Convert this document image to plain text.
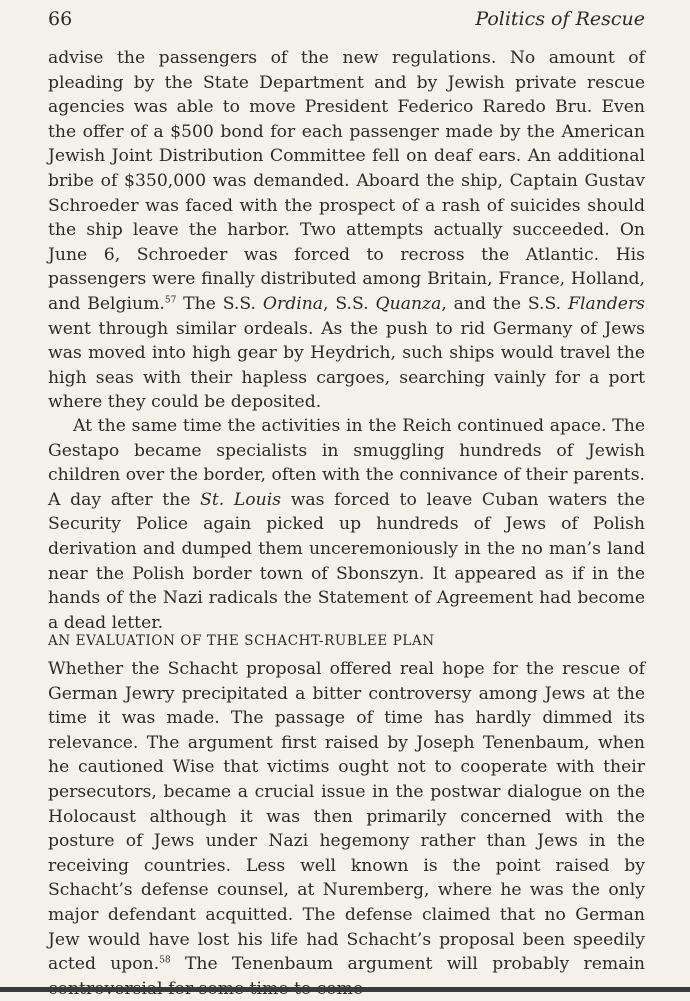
66	Politics of Rescue

advise the passengers of the new regulations. No amount of pleading by the State Department and by Jewish private rescue agencies was able to move President Federico Raredo Bru. Even the offer of a $500 bond for each passenger made by the American Jewish Joint Distribution Committee fell on deaf ears. An additional bribe of $350,000 was demanded. Aboard the ship, Captain Gustav Schroeder was faced with the prospect of a rash of suicides should the ship leave the harbor. Two attempts actually succeeded. On June 6, Schroeder was forced to recross the Atlantic. His passengers were finally distributed among Britain, France, Holland, and Belgium.$^{57}$ The S.S. Ordina, S.S. Quanza, and the S.S. Flanders went through similar ordeals. As the push to rid Germany of Jews was moved into high gear by Heydrich, such ships would travel the high seas with their hapless cargoes, searching vainly for a port where they could be deposited.

At the same time the activities in the Reich continued apace. The Gestapo became specialists in smuggling hundreds of Jewish children over the border, often with the connivance of their parents. A day after the St. Louis was forced to leave Cuban waters the Security Police again picked up hundreds of Jews of Polish derivation and dumped them unceremoniously in the no man’s land near the Polish border town of Sbonszyn. It appeared as if in the hands of the Nazi radicals the Statement of Agreement had become a dead letter.

AN EVALUATION OF THE SCHACHT-RUBLEE PLAN

Whether the Schacht proposal offered real hope for the rescue of German Jewry precipitated a bitter controversy among Jews at the time it was made. The passage of time has hardly dimmed its relevance. The argument first raised by Joseph Tenenbaum, when he cautioned Wise that victims ought not to cooperate with their persecutors, became a crucial issue in the postwar dialogue on the Holocaust although it was then primarily concerned with the posture of Jews under Nazi hegemony rather than Jews in the receiving countries. Less well known is the point raised by Schacht’s defense counsel, at Nuremberg, where he was the only major defendant acquitted. The defense claimed that no German Jew would have lost his life had Schacht’s proposal been speedily acted upon.$^{58}$ The Tenenbaum argument will probably remain
